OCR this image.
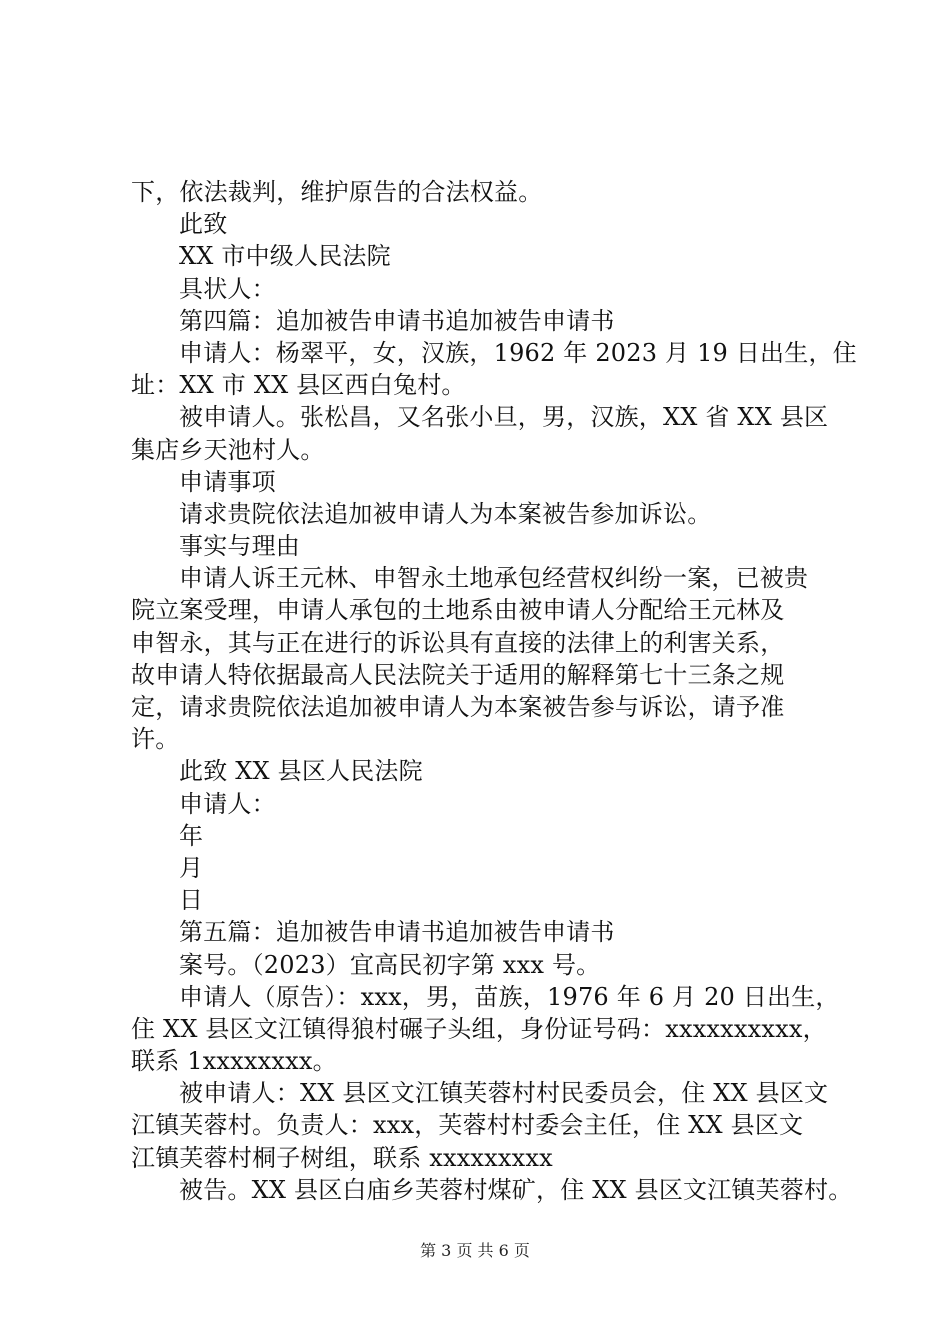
下，依法裁判，维护原告的合法权益。
此致
XX 市中级人民法院
具状人：
第四篇：追加被告申请书追加被告申请书
申请人：杨翠平，女，汉族，1962 年 2023 月 19 日出生，住
址：XX 市 XX 县区西白兔村。
被申请人。张松昌，又名张小旦，男，汉族，XX 省 XX 县区
集店乡天池村人。
申请事项
请求贵院依法追加被申请人为本案被告参加诉讼。
事实与理由
申请人诉王元林、申智永土地承包经营权纠纷一案，已被贵
院立案受理，申请人承包的土地系由被申请人分配给王元林及
申智永，其与正在进行的诉讼具有直接的法律上的利害关系，
故申请人特依据最高人民法院关于适用的解释第七十三条之规
定，请求贵院依法追加被申请人为本案被告参与诉讼，请予准
许。
此致 XX 县区人民法院
申请人：
年
月
日
第五篇：追加被告申请书追加被告申请书
案号。（2023）宜高民初字第 xxx 号。
申请人（原告）：xxx，男，苗族，1976 年 6 月 20 日出生，
住 XX 县区文江镇得狼村碾子头组，身份证号码：xxxxxxxxxx，
联系 1xxxxxxxx。
被申请人：XX 县区文江镇芙蓉村村民委员会，住 XX 县区文
江镇芙蓉村。负责人：xxx，芙蓉村村委会主任，住 XX 县区文
江镇芙蓉村桐子树组，联系 xxxxxxxxx
被告。XX 县区白庙乡芙蓉村煤矿，住 XX 县区文江镇芙蓉村。
第 3 页 共 6 页
